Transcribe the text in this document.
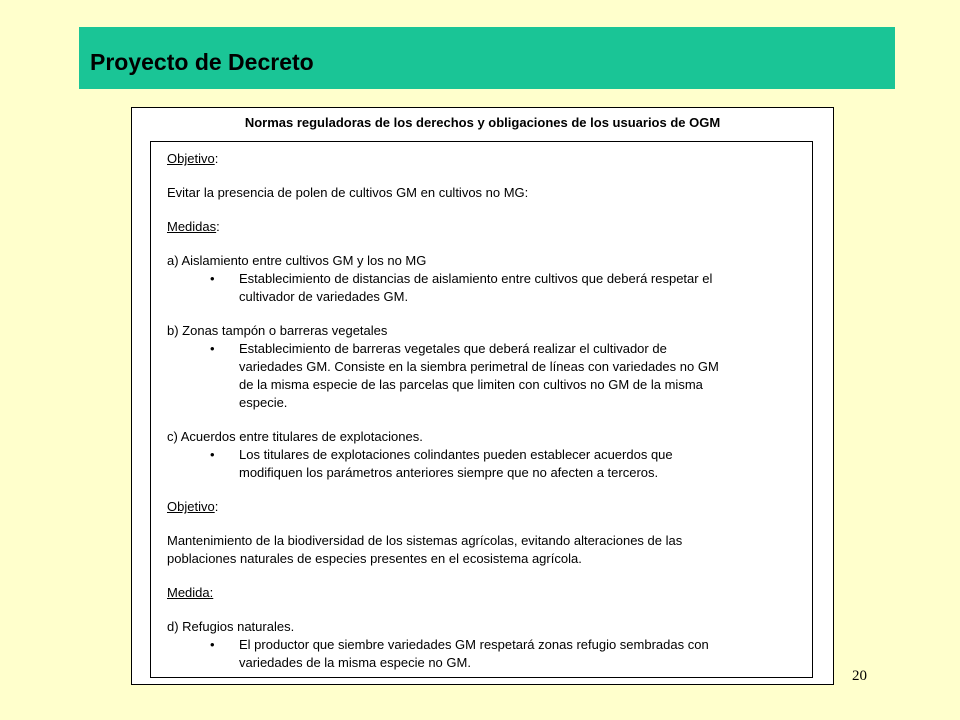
Proyecto de Decreto
Normas reguladoras de los derechos y obligaciones de los usuarios de OGM

Objetivo:

Evitar la presencia de polen de cultivos GM en cultivos no MG:

Medidas:

a) Aislamiento entre cultivos GM y los no MG

• Establecimiento de distancias de aislamiento entre cultivos que deberá respetar el

cultivador de variedades GM.

b) Zonas tampón o barreras vegetales

• Establecimiento de barreras vegetales que deberá realizar el cultivador de

variedades GM. Consiste en la siembra perimetral de líneas con variedades no GM

de la misma especie de las parcelas que limiten con cultivos no GM de la misma

especie.

c) Acuerdos entre titulares de explotaciones.

• Los titulares de explotaciones colindantes pueden establecer acuerdos que

modifiquen los parámetros anteriores siempre que no afecten a terceros.

Objetivo:

Mantenimiento de la biodiversidad de los sistemas agrícolas, evitando alteraciones de las

poblaciones naturales de especies presentes en el ecosistema agrícola.

Medida:

d) Refugios naturales.

• El productor que siembre variedades GM respetará zonas refugio sembradas con

variedades de la misma especie no GM.

20
